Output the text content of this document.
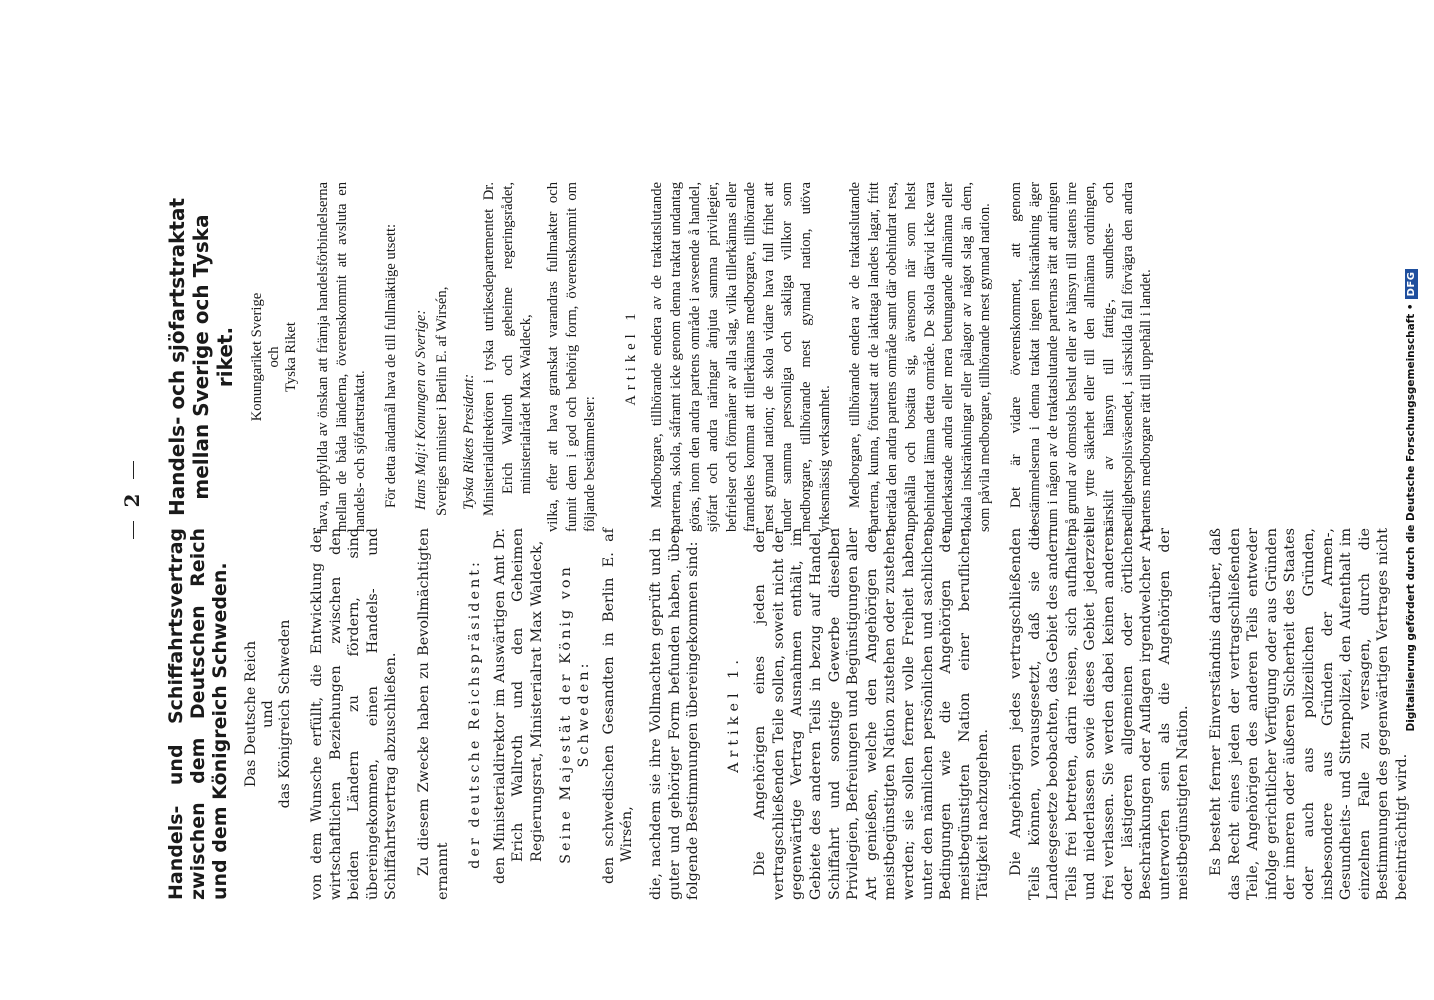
2
Handels- und Schiffahrtsvertrag zwischen dem Deutschen Reich und dem Königreich Schweden. Das Deutsche Reich und das Königreich Schweden von dem Wunsche erfüllt, die Entwicklung der wirtschaftlichen Beziehungen zwischen den beiden Ländern zu fördern, sind übereingekommen, einen Handels- und Schiffahrtsvertrag abzuschließen. Zu diesem Zwecke haben zu Bevollmächtigten ernannt

der deutsche Reichspräsident: den Ministerialdirektor im Auswärtigen Amt Dr. Erich Wallroth und den Geheimen Regierungsrat, Ministerialrat Max Waldeck, Seine Majestät der König von Schweden: den schwedischen Gesandten in Berlin E. af Wirsén, die, nachdem sie ihre Vollmachten geprüft und in guter und gehöriger Form befunden haben, über folgende Bestimmungen übereingekommen sind: Artikel 1. Die Angehörigen eines jeden der vertragschließenden Teile sollen, soweit nicht der gegenwärtige Vertrag Ausnahmen enthält, im Gebiete des anderen Teils in bezug auf Handel, Schiffahrt und sonstige Gewerbe dieselben Privilegien, Befreiungen und Begünstigungen aller Art genießen, welche den Angehörigen der meistbegünstigten Nation zustehen oder zustehen werden; sie sollen ferner volle Freiheit haben, unter den nämlichen persönlichen und sachlichen Bedingungen wie die Angehörigen der meistbegünstigten Nation einer beruflichen Tätigkeit nachzugehen. Die Angehörigen jedes vertragschließenden Teils können, vorausgesetzt, daß sie die Landesgesetze beobachten, das Gebiet des andern Teils frei betreten, darin reisen, sich aufhalten und niederlassen sowie dieses Gebiet jederzeit frei verlassen. Sie werden dabei keinen anderen oder lästigeren allgemeinen oder örtlichen Beschränkungen oder Auflagen irgendwelcher Art unterworfen sein als die Angehörigen der meistbegünstigten Nation. Es besteht ferner Einverständnis darüber, daß das Recht eines jeden der vertragschließenden Teile, Angehörigen des anderen Teils entweder infolge gerichtlicher Verfügung oder aus Gründen der inneren oder äußeren Sicherheit des Staates oder auch aus polizeilichen Gründen, insbesondere aus Gründen der Armen-, Gesundheits- und Sittenpolizei, den Aufenthalt im einzelnen Falle zu versagen, durch die Bestimmungen des gegenwärtigen Vertrages nicht beeinträchtigt wird.

Handels- och sjöfartstraktat mellan Sverige och Tyska riket. Konungariket Sverige och Tyska Riket hava, uppfyllda av önskan att främja handelsförbindelserna mellan de båda länderna, överenskommit att avsluta en handels- och sjöfartstraktat. För detta ändamål hava de till fullmäktige utsett: Hans Maj:t Konungen av Sverige: Sveriges minister i Berlin E. af Wirsén, Tyska Rikets President: Ministerialdirektören i tyska utrikesdepartementet Dr. Erich Wallroth och geheime regeringsrådet, ministerialrådet Max Waldeck, vilka, efter att hava granskat varandras fullmakter och funnit dem i god och behörig form, överenskommit om följande bestämmelser:

Artikel 1 Medborgare, tillhörande endera av de traktatslutande parterna, skola, såframt icke genom denna traktat undantag göras, inom den andra partens område i avseende å handel, sjöfart och andra näringar åtnjuta samma privilegier, befrielser och förmåner av alla slag, vilka tillerkännas eller framdeles komma att tillerkännas medborgare, tillhörande mest gynnad nation; de skola vidare hava full frihet att under samma personliga och sakliga villkor som medborgare, tillhörande mest gynnad nation, utöva yrkesmässig verksamhet. Medborgare, tillhörande endera av de traktatslutande parterna, kunna, förutsatt att de iakttaga landets lagar, fritt beträda den andra partens område samt där obehindrat resa, uppehålla och bosätta sig, ävensom när som helst obehindrat lämna detta område. De skola därvid icke vara underkastade andra eller mera betungande allmänna eller lokala inskränkningar eller pålagor av något slag än dem, som påvila medborgare, tillhörande mest gynnad nation. Det är vidare överenskommet, att genom bestämmelserna i denna traktat ingen inskränkning äger rum i någon av de traktatslutande parternas rätt att antingen på grund av domstols beslut eller av hänsyn till statens inre eller yttre säkerhet eller till den allmänna ordningen, särskilt av hänsyn till fattig-, sundhets- och sedlighetspolisväsendet, i särskilda fall förvägra den andra partens medborgare rätt till uppehåll i landet.	Digitalisierung gefördert durch die Deutsche Forschungsgemeinschaft •DFG
